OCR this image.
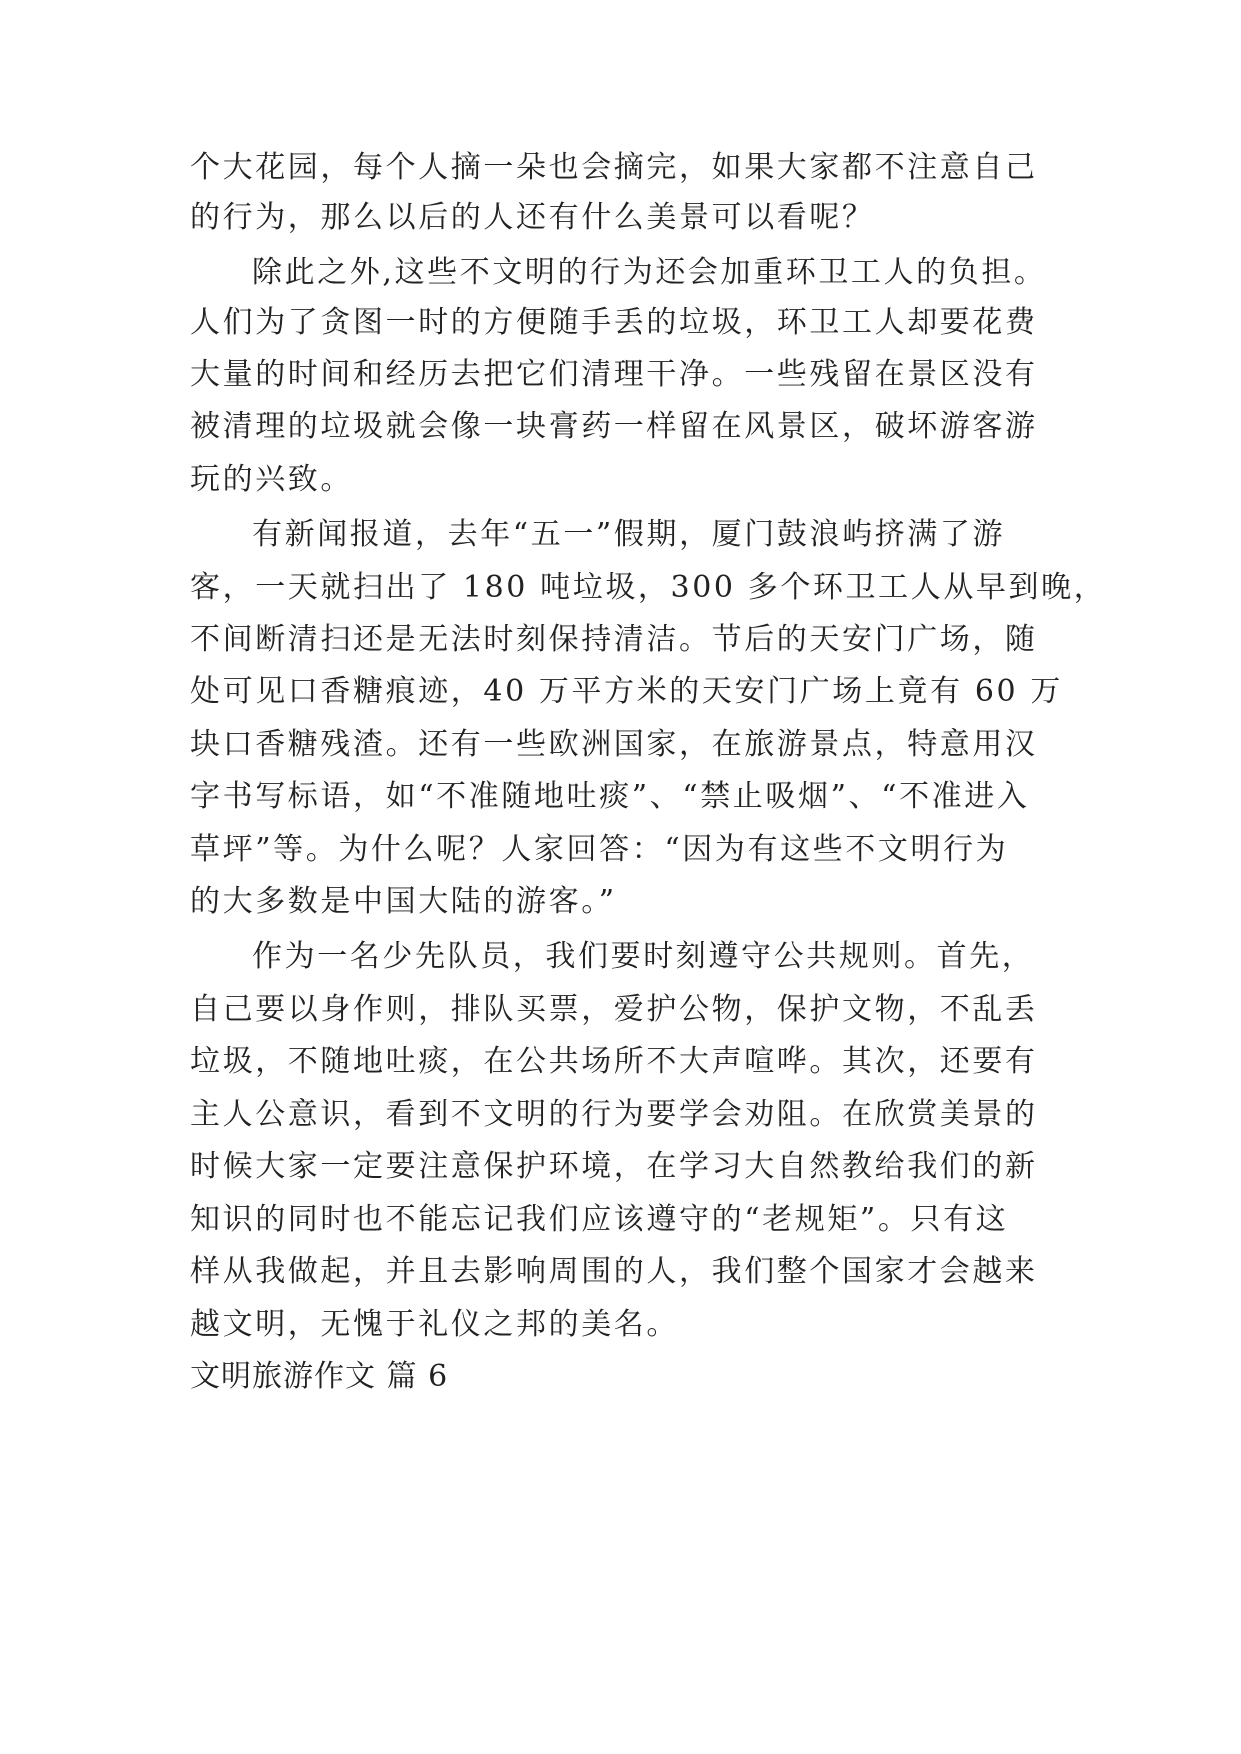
个大花园，每个人摘一朵也会摘完，如果大家都不注意自己
的行为，那么以后的人还有什么美景可以看呢？
除此之外,这些不文明的行为还会加重环卫工人的负担。
人们为了贪图一时的方便随手丢的垃圾，环卫工人却要花费
大量的时间和经历去把它们清理干净。一些残留在景区没有
被清理的垃圾就会像一块膏药一样留在风景区，破坏游客游
玩的兴致。
有新闻报道，去年“五一”假期，厦门鼓浪屿挤满了游
客，一天就扫出了 180 吨垃圾，300 多个环卫工人从早到晚，
不间断清扫还是无法时刻保持清洁。节后的天安门广场，随
处可见口香糖痕迹，40 万平方米的天安门广场上竟有 60 万
块口香糖残渣。还有一些欧洲国家，在旅游景点，特意用汉
字书写标语，如“不准随地吐痰”、“禁止吸烟”、“不准进入
草坪”等。为什么呢？人家回答：“因为有这些不文明行为
的大多数是中国大陆的游客。”
作为一名少先队员，我们要时刻遵守公共规则。首先，
自己要以身作则，排队买票，爱护公物，保护文物，不乱丢
垃圾，不随地吐痰，在公共场所不大声喧哗。其次，还要有
主人公意识，看到不文明的行为要学会劝阻。在欣赏美景的
时候大家一定要注意保护环境，在学习大自然教给我们的新
知识的同时也不能忘记我们应该遵守的“老规矩”。只有这
样从我做起，并且去影响周围的人，我们整个国家才会越来
越文明，无愧于礼仪之邦的美名。
文明旅游作文 篇 6
